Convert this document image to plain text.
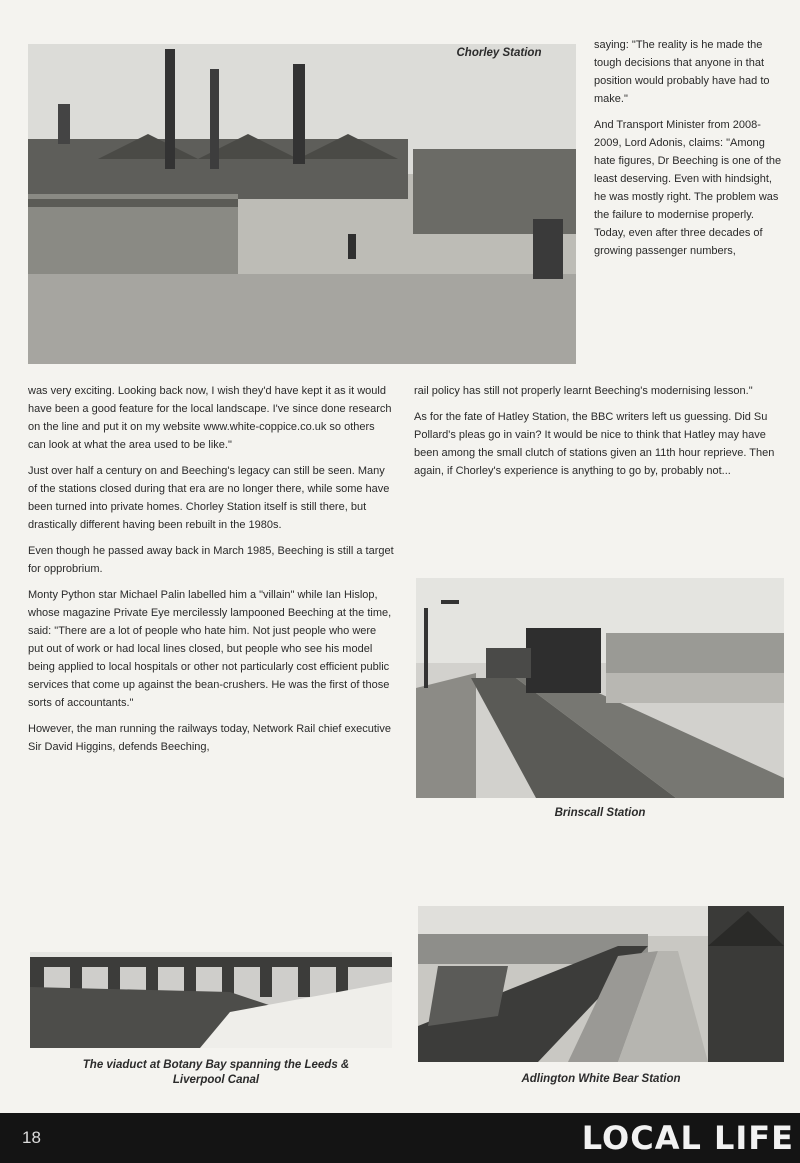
Chorley Station

saying: "The reality is he made the tough decisions that anyone in that position would probably have had to make."

And Transport Minister from 2008-2009, Lord Adonis, claims: "Among hate figures, Dr Beeching is one of the least deserving. Even with hindsight, he was mostly right. The problem was the failure to modernise properly. Today, even after three decades of growing passenger numbers,

was very exciting. Looking back now, I wish they'd have kept it as it would have been a good feature for the local landscape. I've since done research on the line and put it on my website www.white-coppice.co.uk so others can look at what the area used to be like."

Just over half a century on and Beeching's legacy can still be seen. Many of the stations closed during that era are no longer there, while some have been turned into private homes. Chorley Station itself is still there, but drastically different having been rebuilt in the 1980s.

Even though he passed away back in March 1985, Beeching is still a target for opprobrium.

Monty Python star Michael Palin labelled him a "villain" while Ian Hislop, whose magazine Private Eye mercilessly lampooned Beeching at the time, said: "There are a lot of people who hate him. Not just people who were put out of work or had local lines closed, but people who see his model being applied to local hospitals or other not particularly cost efficient public services that come up against the bean-crushers. He was the first of those sorts of accountants."

However, the man running the railways today, Network Rail chief executive Sir David Higgins, defends Beeching,

rail policy has still not properly learnt Beeching's modernising lesson."

As for the fate of Hatley Station, the BBC writers left us guessing. Did Su Pollard's pleas go in vain? It would be nice to think that Hatley may have been among the small clutch of stations given an 11th hour reprieve. Then again, if Chorley's experience is anything to go by, probably not...

Brinscall Station
The viaduct at Botany Bay spanning the Leeds & Liverpool Canal	Adlington White Bear Station
18	LOCAL LIFE
